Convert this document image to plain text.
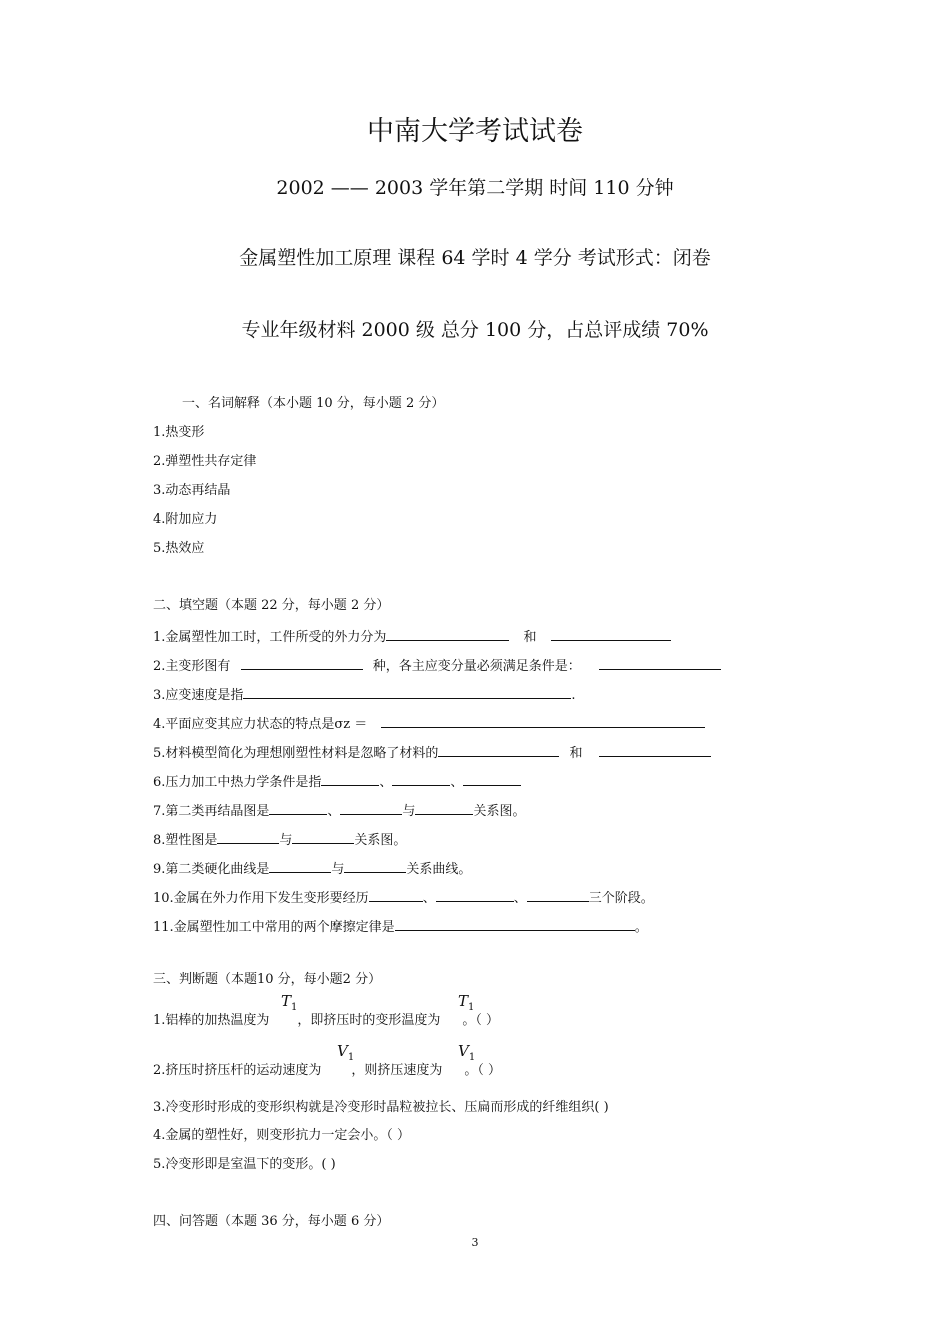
中南大学考试试卷
2002 —— 2003 学年第二学期 时间 110 分钟
金属塑性加工原理 课程 64 学时 4 学分 考试形式：闭卷
专业年级材料 2000 级 总分 100 分，占总评成绩 70%
一、名词解释（本小题 10 分，每小题 2 分）
1.热变形
2.弹塑性共存定律
3.动态再结晶
4.附加应力
5.热效应
二、填空题（本题 22 分，每小题 2 分）
1.金属塑性加工时，工件所受的外力分为	和
2.主变形图有	种，各主应变分量必须满足条件是：
3.应变速度是指	.
4.平面应变其应力状态的特点是σz ＝
5.材料模型简化为理想刚塑性材料是忽略了材料的	和
6.压力加工中热力学条件是指	、	、
7.第二类再结晶图是	、	与	关系图。
8.塑性图是	与	关系图。
9.第二类硬化曲线是	与	关系曲线。
10.金属在外力作用下发生变形要经历	、	、	三个阶段。
11.金属塑性加工中常用的两个摩擦定律是	。
三、判断题（本题10 分，每小题2 分）
1.铝棒的加热温度为 ，即挤压时的变形温度为 。（ ）
$T_1$	$T_1$
2.挤压时挤压杆的运动速度为 ，则挤压速度为 。（ ）
$V_1$	$V_1$
3.冷变形时形成的变形织构就是冷变形时晶粒被拉长、压扁而形成的纤维组织( )
4.金属的塑性好，则变形抗力一定会小。（ ）
5.冷变形即是室温下的变形。( )
四、问答题（本题 36 分，每小题 6 分）
3
